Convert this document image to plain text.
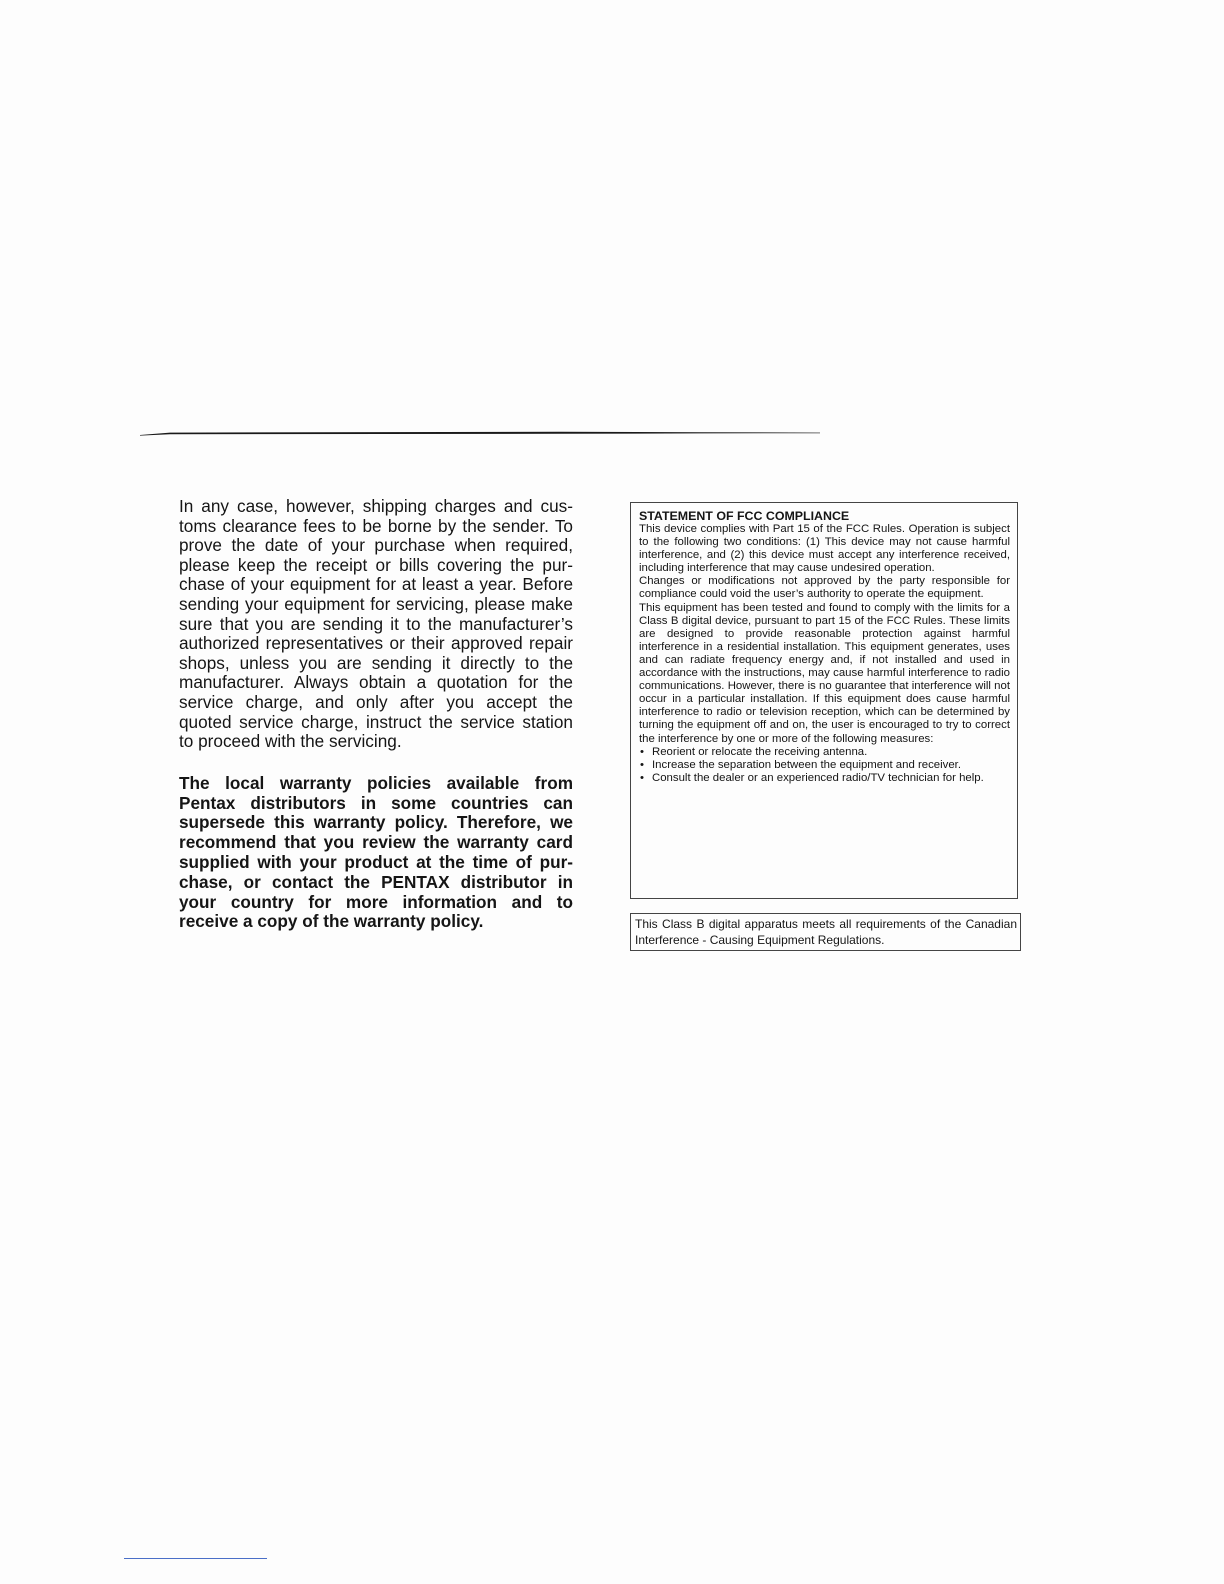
In any case, however, shipping charges and customs clearance fees to be borne by the sender. To prove the date of your purchase when required, please keep the receipt or bills covering the purchase of your equipment for at least a year. Before sending your equipment for servicing, please make sure that you are sending it to the manufacturer’s authorized representatives or their approved repair shops, unless you are sending it directly to the manufacturer. Always obtain a quotation for the service charge, and only after you accept the quoted service charge, instruct the service station to proceed with the servicing.

The local warranty policies available from Pentax distributors in some countries can supersede this warranty policy. Therefore, we recommend that you review the warranty card supplied with your product at the time of purchase, or contact the PENTAX distributor in your country for more information and to receive a copy of the warranty policy.

STATEMENT OF FCC COMPLIANCE

This device complies with Part 15 of the FCC Rules. Operation is subject to the following two conditions: (1) This device may not cause harmful interference, and (2) this device must accept any interference received, including interference that may cause undesired operation.

Changes or modifications not approved by the party responsible for compliance could void the user’s authority to operate the equipment.

This equipment has been tested and found to comply with the limits for a Class B digital device, pursuant to part 15 of the FCC Rules. These limits are designed to provide reasonable protection against harmful interference in a residential installation. This equipment generates, uses and can radiate frequency energy and, if not installed and used in accordance with the instructions, may cause harmful interference to radio communications. However, there is no guarantee that interference will not occur in a particular installation. If this equipment does cause harmful interference to radio or television reception, which can be determined by turning the equipment off and on, the user is encouraged to try to correct the interference by one or more of the following measures:

• Reorient or relocate the receiving antenna.
• Increase the separation between the equipment and receiver.
• Consult the dealer or an experienced radio/TV technician for help.
This Class B digital apparatus meets all requirements of the Canadian Interference - Causing Equipment Regulations.
